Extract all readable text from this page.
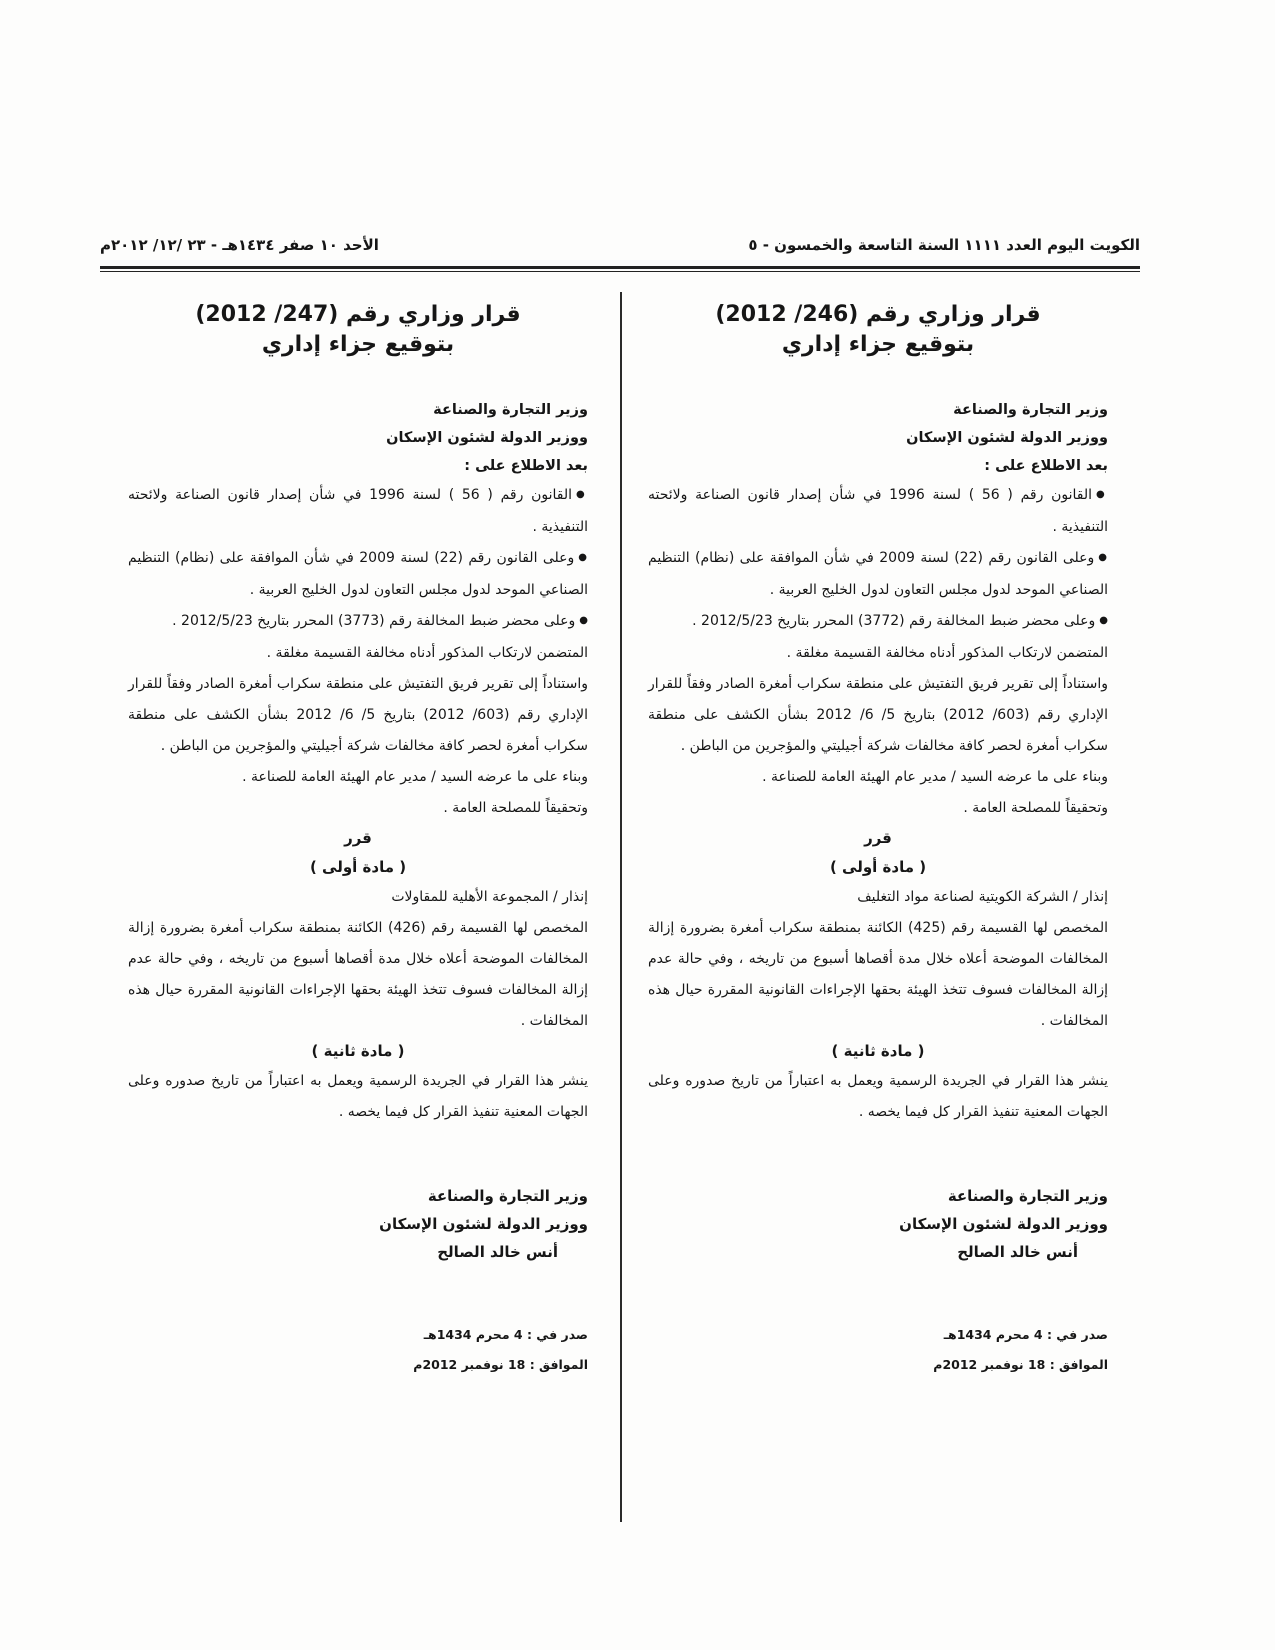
الكويت اليوم العدد ١١١١ السنة التاسعة والخمسون - ٥
الأحد ١٠ صفر ١٤٣٤هـ - ٢٣ /١٢/ ٢٠١٢م
قرار وزاري رقم (246/ 2012)
بتوقيع جزاء إداري
وزير التجارة والصناعة
ووزير الدولة لشئون الإسكان
بعد الاطلاع على :
● القانون رقم ( 56 ) لسنة 1996 في شأن إصدار قانون الصناعة ولائحته التنفيذية .
● وعلى القانون رقم (22) لسنة 2009 في شأن الموافقة على (نظام) التنظيم الصناعي الموحد لدول مجلس التعاون لدول الخليج العربية .
● وعلى محضر ضبط المخالفة رقم (3772) المحرر بتاريخ 2012/5/23 .
المتضمن لارتكاب المذكور أدناه مخالفة القسيمة مغلقة .
واستناداً إلى تقرير فريق التفتيش على منطقة سكراب أمغرة الصادر وفقاً للقرار الإداري رقم (603/ 2012) بتاريخ 5/ 6/ 2012 بشأن الكشف على منطقة سكراب أمغرة لحصر كافة مخالفات شركة أجيليتي والمؤجرين من الباطن .
وبناء على ما عرضه السيد / مدير عام الهيئة العامة للصناعة .
وتحقيقاً للمصلحة العامة .
قرر
( مادة أولى )
إنذار / الشركة الكويتية لصناعة مواد التغليف
المخصص لها القسيمة رقم (425) الكائنة بمنطقة سكراب أمغرة بضرورة إزالة المخالفات الموضحة أعلاه خلال مدة أقصاها أسبوع من تاريخه ، وفي حالة عدم إزالة المخالفات فسوف تتخذ الهيئة بحقها الإجراءات القانونية المقررة حيال هذه المخالفات .
( مادة ثانية )
ينشر هذا القرار في الجريدة الرسمية ويعمل به اعتباراً من تاريخ صدوره وعلى الجهات المعنية تنفيذ القرار كل فيما يخصه .
وزير التجارة والصناعة
ووزير الدولة لشئون الإسكان
أنس خالد الصالح
صدر في : 4 محرم 1434هـ
الموافق : 18 نوفمبر 2012م
قرار وزاري رقم (247/ 2012)
بتوقيع جزاء إداري
وزير التجارة والصناعة
ووزير الدولة لشئون الإسكان
بعد الاطلاع على :
● القانون رقم ( 56 ) لسنة 1996 في شأن إصدار قانون الصناعة ولائحته التنفيذية .
● وعلى القانون رقم (22) لسنة 2009 في شأن الموافقة على (نظام) التنظيم الصناعي الموحد لدول مجلس التعاون لدول الخليج العربية .
● وعلى محضر ضبط المخالفة رقم (3773) المحرر بتاريخ 2012/5/23 .
المتضمن لارتكاب المذكور أدناه مخالفة القسيمة مغلقة .
واستناداً إلى تقرير فريق التفتيش على منطقة سكراب أمغرة الصادر وفقاً للقرار الإداري رقم (603/ 2012) بتاريخ 5/ 6/ 2012 بشأن الكشف على منطقة سكراب أمغرة لحصر كافة مخالفات شركة أجيليتي والمؤجرين من الباطن .
وبناء على ما عرضه السيد / مدير عام الهيئة العامة للصناعة .
وتحقيقاً للمصلحة العامة .
قرر
( مادة أولى )
إنذار / المجموعة الأهلية للمقاولات
المخصص لها القسيمة رقم (426) الكائنة بمنطقة سكراب أمغرة بضرورة إزالة المخالفات الموضحة أعلاه خلال مدة أقصاها أسبوع من تاريخه ، وفي حالة عدم إزالة المخالفات فسوف تتخذ الهيئة بحقها الإجراءات القانونية المقررة حيال هذه المخالفات .
( مادة ثانية )
ينشر هذا القرار في الجريدة الرسمية ويعمل به اعتباراً من تاريخ صدوره وعلى الجهات المعنية تنفيذ القرار كل فيما يخصه .
وزير التجارة والصناعة
ووزير الدولة لشئون الإسكان
أنس خالد الصالح
صدر في : 4 محرم 1434هـ
الموافق : 18 نوفمبر 2012م
